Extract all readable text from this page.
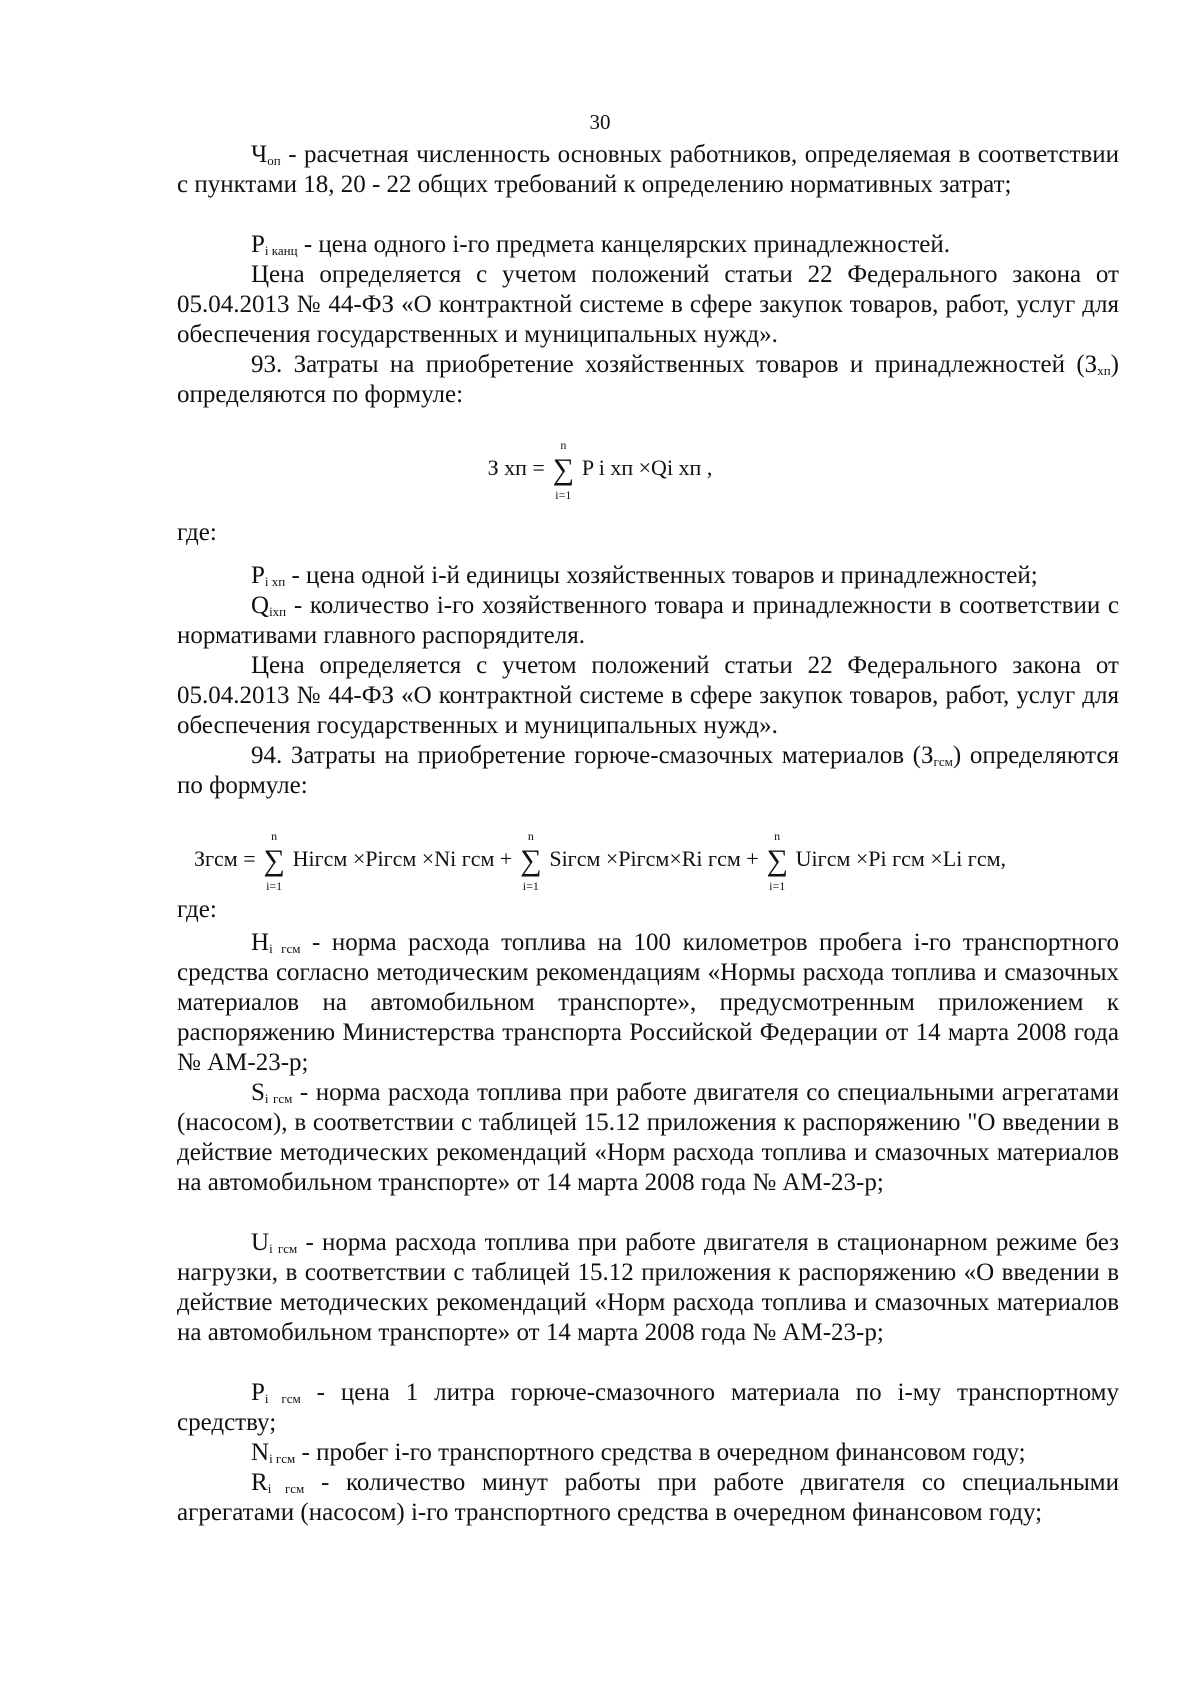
30

$Ч_{оп}$ - расчетная численность основных работников, определяемая в соответствии с пунктами 18, 20 - 22 общих требований к определению нормативных затрат;

$P_{i канц}$ - цена одного i-го предмета канцелярских принадлежностей.

Цена определяется с учетом положений статьи 22 Федерального закона от 05.04.2013 № 44-ФЗ «О контрактной системе в сфере закупок товаров, работ, услуг для обеспечения государственных и муниципальных нужд».

93. Затраты на приобретение хозяйственных товаров и принадлежностей $(З_{хп})$ определяются по формуле:

З хп =
n
∑
i=1
P i хп ×Qi хп ,

где:

$P_{i хп}$ - цена одной i-й единицы хозяйственных товаров и принадлежностей;

$Q_{iхп}$ - количество i-го хозяйственного товара и принадлежности в соответствии с нормативами главного распорядителя.

Цена определяется с учетом положений статьи 22 Федерального закона от 05.04.2013 № 44-ФЗ «О контрактной системе в сфере закупок товаров, работ, услуг для обеспечения государственных и муниципальных нужд».

94. Затраты на приобретение горюче-смазочных материалов $(З_{гсм})$ определяются по формуле:

Згсм =
n
∑
i=1
Нiгсм ×Piгсм ×Ni гсм +
n
∑
i=1
Siгсм ×Piгсм×Ri гсм +
n
∑
i=1
Uiгсм ×Pi гсм ×Li гсм,

где:

$Н_{i гсм}$ - норма расхода топлива на 100 километров пробега i-го транспортного средства согласно методическим рекомендациям «Нормы расхода топлива и смазочных материалов на автомобильном транспорте», предусмотренным приложением к распоряжению Министерства транспорта Российской Федерации от 14 марта 2008 года № АМ-23-р;

$S_{i гсм}$ - норма расхода топлива при работе двигателя со специальными агрегатами (насосом), в соответствии с таблицей 15.12 приложения к распоряжению "О введении в действие методических рекомендаций «Норм расхода топлива и смазочных материалов на автомобильном транспорте» от 14 марта 2008 года № АМ-23-р;

$U_{i гсм}$ - норма расхода топлива при работе двигателя в стационарном режиме без нагрузки, в соответствии с таблицей 15.12 приложения к распоряжению «О введении в действие методических рекомендаций «Норм расхода топлива и смазочных материалов на автомобильном транспорте» от 14 марта 2008 года № АМ-23-р;

$P_{i гсм}$ - цена 1 литра горюче-смазочного материала по i-му транспортному средству;

$N_{i гсм}$ - пробег i-го транспортного средства в очередном финансовом году;

$R_{i гсм}$ - количество минут работы при работе двигателя со специальными агрегатами (насосом) i-го транспортного средства в очередном финансовом году;
